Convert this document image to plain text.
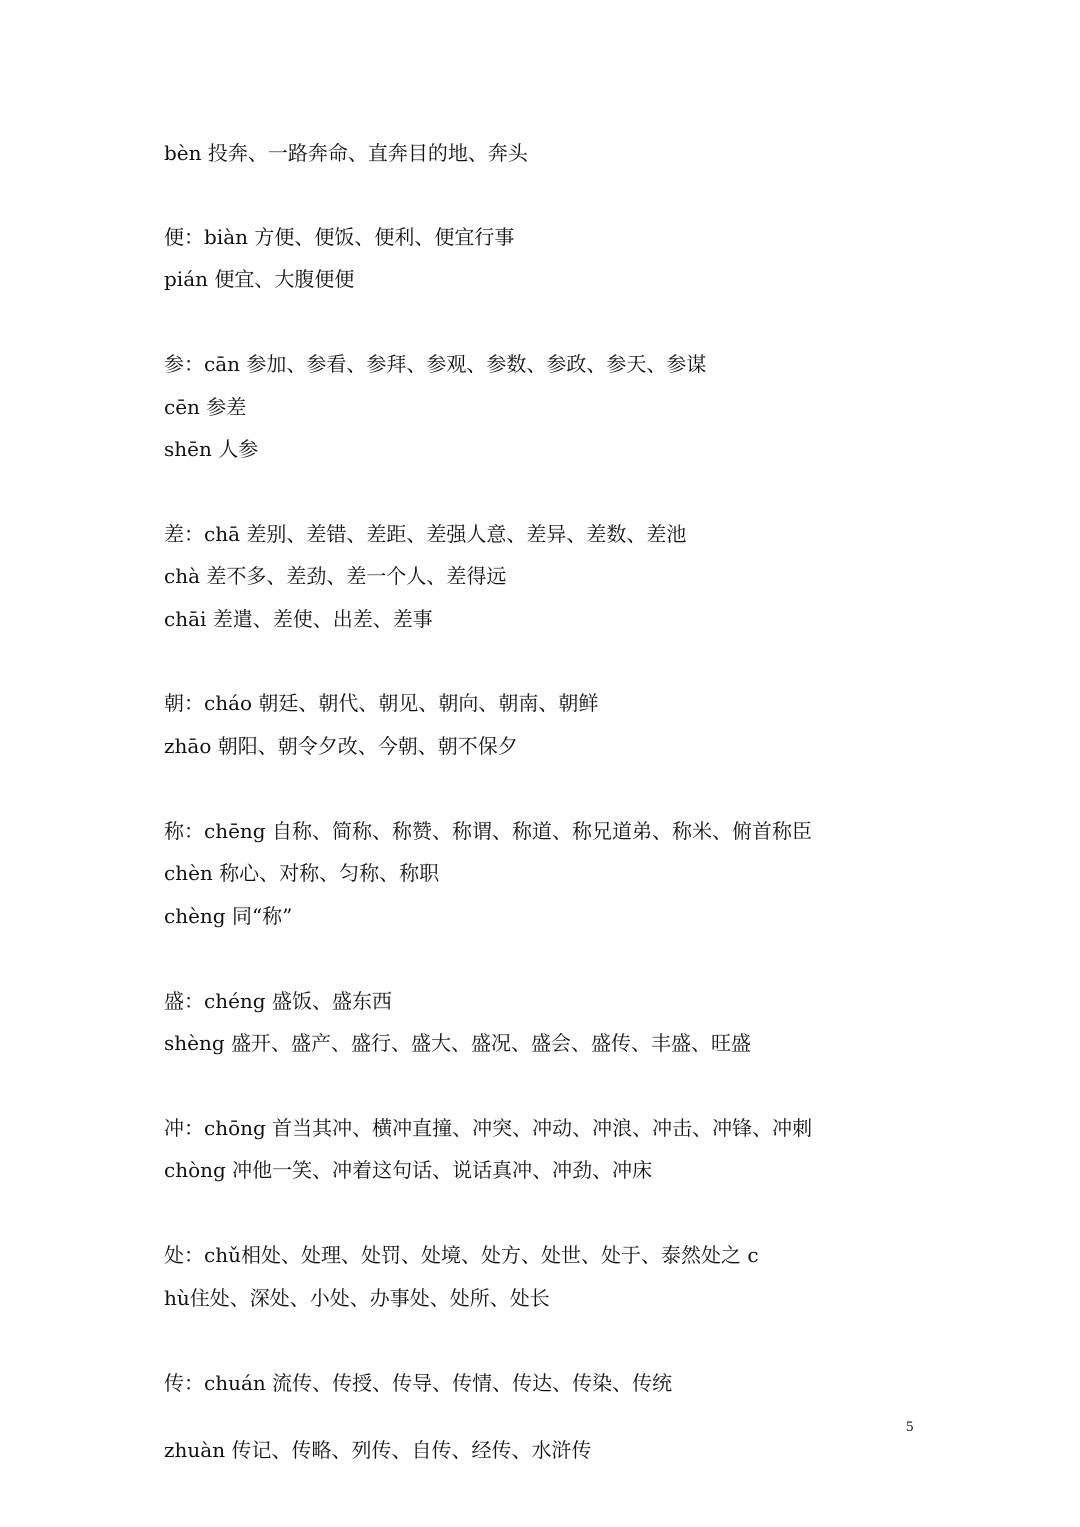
bèn 投奔、一路奔命、直奔目的地、奔头
便：biàn 方便、便饭、便利、便宜行事
pián 便宜、大腹便便
参：cān 参加、参看、参拜、参观、参数、参政、参天、参谋
cēn 参差
shēn 人参
差：chā 差别、差错、差距、差强人意、差异、差数、差池
chà 差不多、差劲、差一个人、差得远
chāi 差遣、差使、出差、差事
朝：cháo 朝廷、朝代、朝见、朝向、朝南、朝鲜
zhāo 朝阳、朝令夕改、今朝、朝不保夕
称：chēng 自称、简称、称赞、称谓、称道、称兄道弟、称米、俯首称臣
chèn 称心、对称、匀称、称职
chèng 同“称”
盛：chéng 盛饭、盛东西
shèng 盛开、盛产、盛行、盛大、盛况、盛会、盛传、丰盛、旺盛
冲：chōng 首当其冲、横冲直撞、冲突、冲动、冲浪、冲击、冲锋、冲刺
chòng 冲他一笑、冲着这句话、说话真冲、冲劲、冲床
处：chǔ相处、处理、处罚、处境、处方、处世、处于、泰然处之 c
hù住处、深处、小处、办事处、处所、处长
传：chuán 流传、传授、传导、传情、传达、传染、传统
zhuàn 传记、传略、列传、自传、经传、水浒传
5
